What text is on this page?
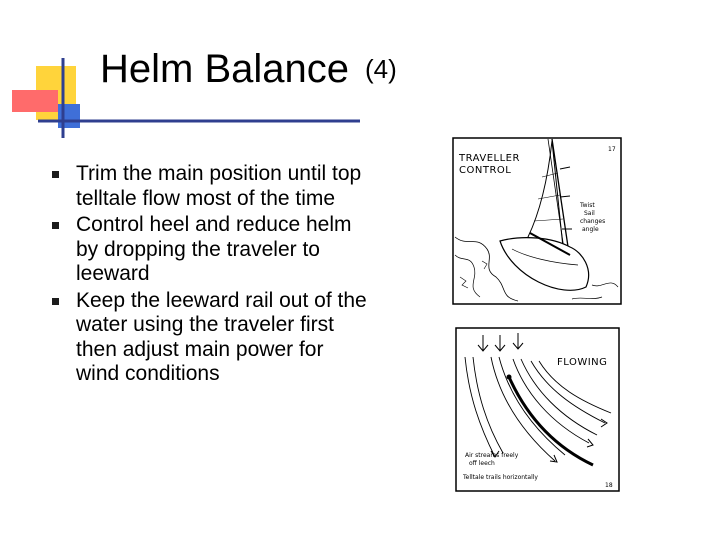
Helm Balance (4)
Trim the main position until top telltale flow most of the time
Control heel and reduce helm by dropping the traveler to leeward
Keep the leeward rail out of the water using the traveler first then adjust main power for wind conditions
TRAVELLER
CONTROL
17
Twist
Sail
changes
angle
FLOWING
18
Air streams freely
off leech
Telltale trails horizontally
